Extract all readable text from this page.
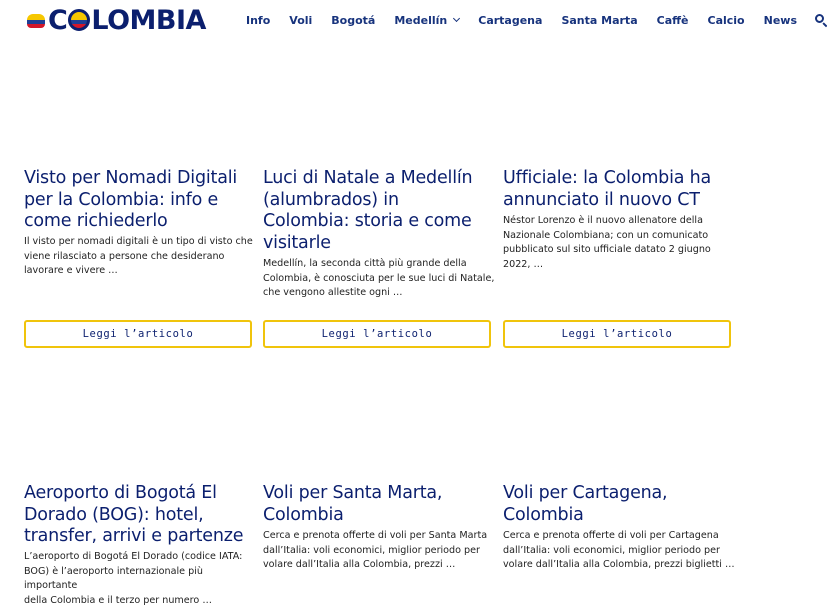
C LOMBIA	Info Voli Bogotá Medellín	Cartagena Santa Marta Caffè Calcio News
Visto per Nomadi Digitali
per la Colombia: info e
come richiederlo

Il visto per nomadi digitali è un tipo di visto che
viene rilasciato a persone che desiderano
lavorare e vivere …

Leggi l’articolo
Luci di Natale a Medellín
(alumbrados) in
Colombia: storia e come
visitarle

Medellín, la seconda città più grande della
Colombia, è conosciuta per le sue luci di Natale,
che vengono allestite ogni …

Leggi l’articolo
Ufficiale: la Colombia ha
annunciato il nuovo CT

Néstor Lorenzo è il nuovo allenatore della
Nazionale Colombiana; con un comunicato
pubblicato sul sito ufficiale datato 2 giugno
2022, …

Leggi l’articolo
Aeroporto di Bogotá El
Dorado (BOG): hotel,
transfer, arrivi e partenze

L’aeroporto di Bogotá El Dorado (codice IATA:
BOG) è l’aeroporto internazionale più importante
della Colombia e il terzo per numero …

Voli per Santa Marta,
Colombia

Cerca e prenota offerte di voli per Santa Marta
dall’Italia: voli economici, miglior periodo per
volare dall’Italia alla Colombia, prezzi …

Voli per Cartagena,
Colombia

Cerca e prenota offerte di voli per Cartagena
dall’Italia: voli economici, miglior periodo per
volare dall’Italia alla Colombia, prezzi biglietti …
